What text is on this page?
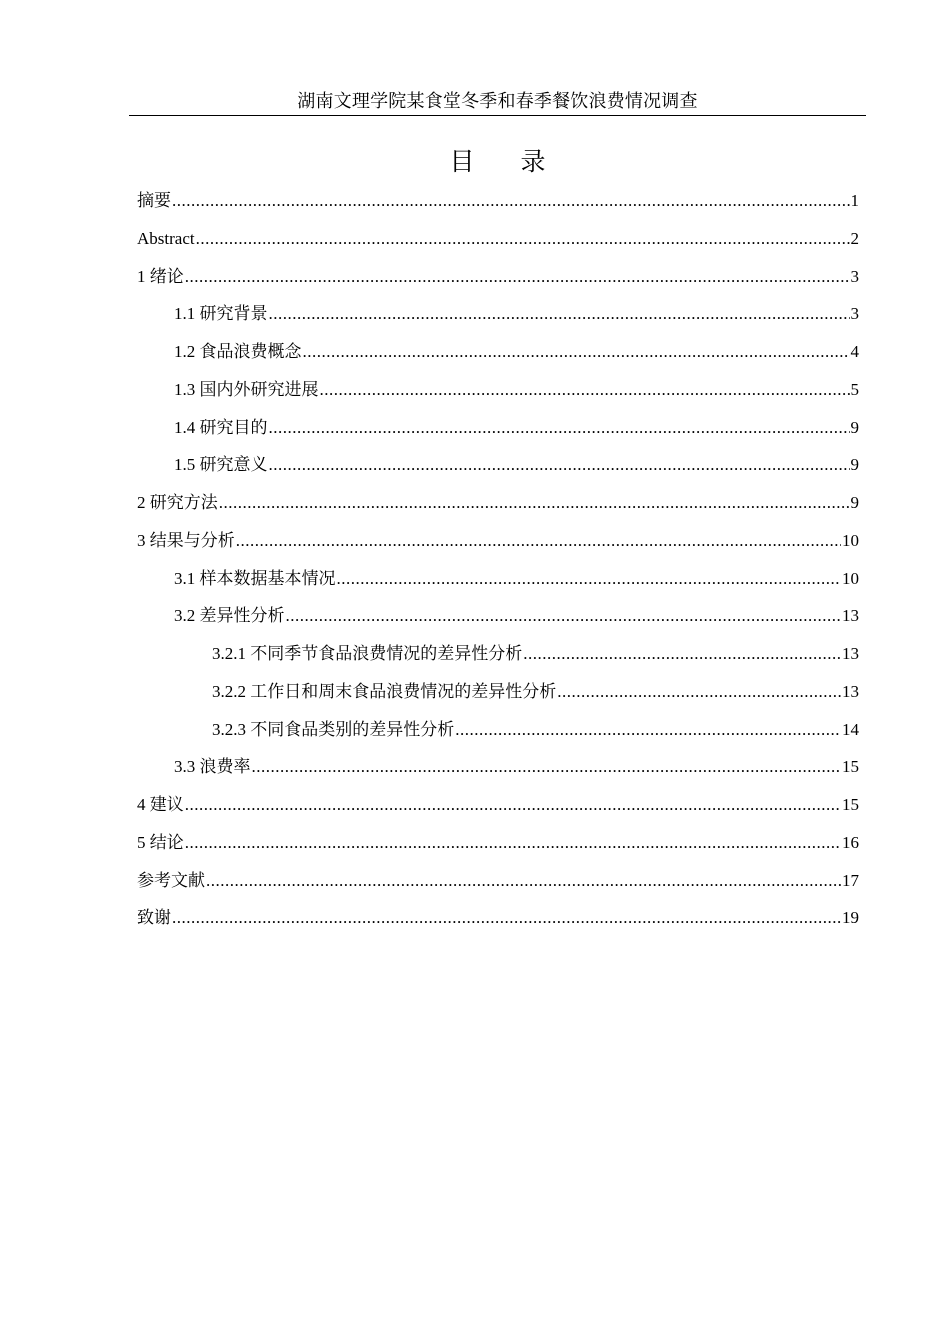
湖南文理学院某食堂冬季和春季餐饮浪费情况调查
目 录
摘要 .....	1
Abstract .....	2
1 绪论 .....	3
1.1 研究背景 .....	3
1.2 食品浪费概念 .....	4
1.3 国内外研究进展 .....	5
1.4 研究目的 .....	9
1.5 研究意义 .....	9
2 研究方法 .....	9
3 结果与分析 .....	10
3.1 样本数据基本情况 .....	10
3.2 差异性分析 .....	13
3.2.1 不同季节食品浪费情况的差异性分析 .....	13
3.2.2 工作日和周末食品浪费情况的差异性分析 .....	13
3.2.3 不同食品类别的差异性分析 .....	14
3.3 浪费率 .....	15
4 建议 .....	15
5 结论 .....	16
参考文献 .....	17
致谢 .....	19
